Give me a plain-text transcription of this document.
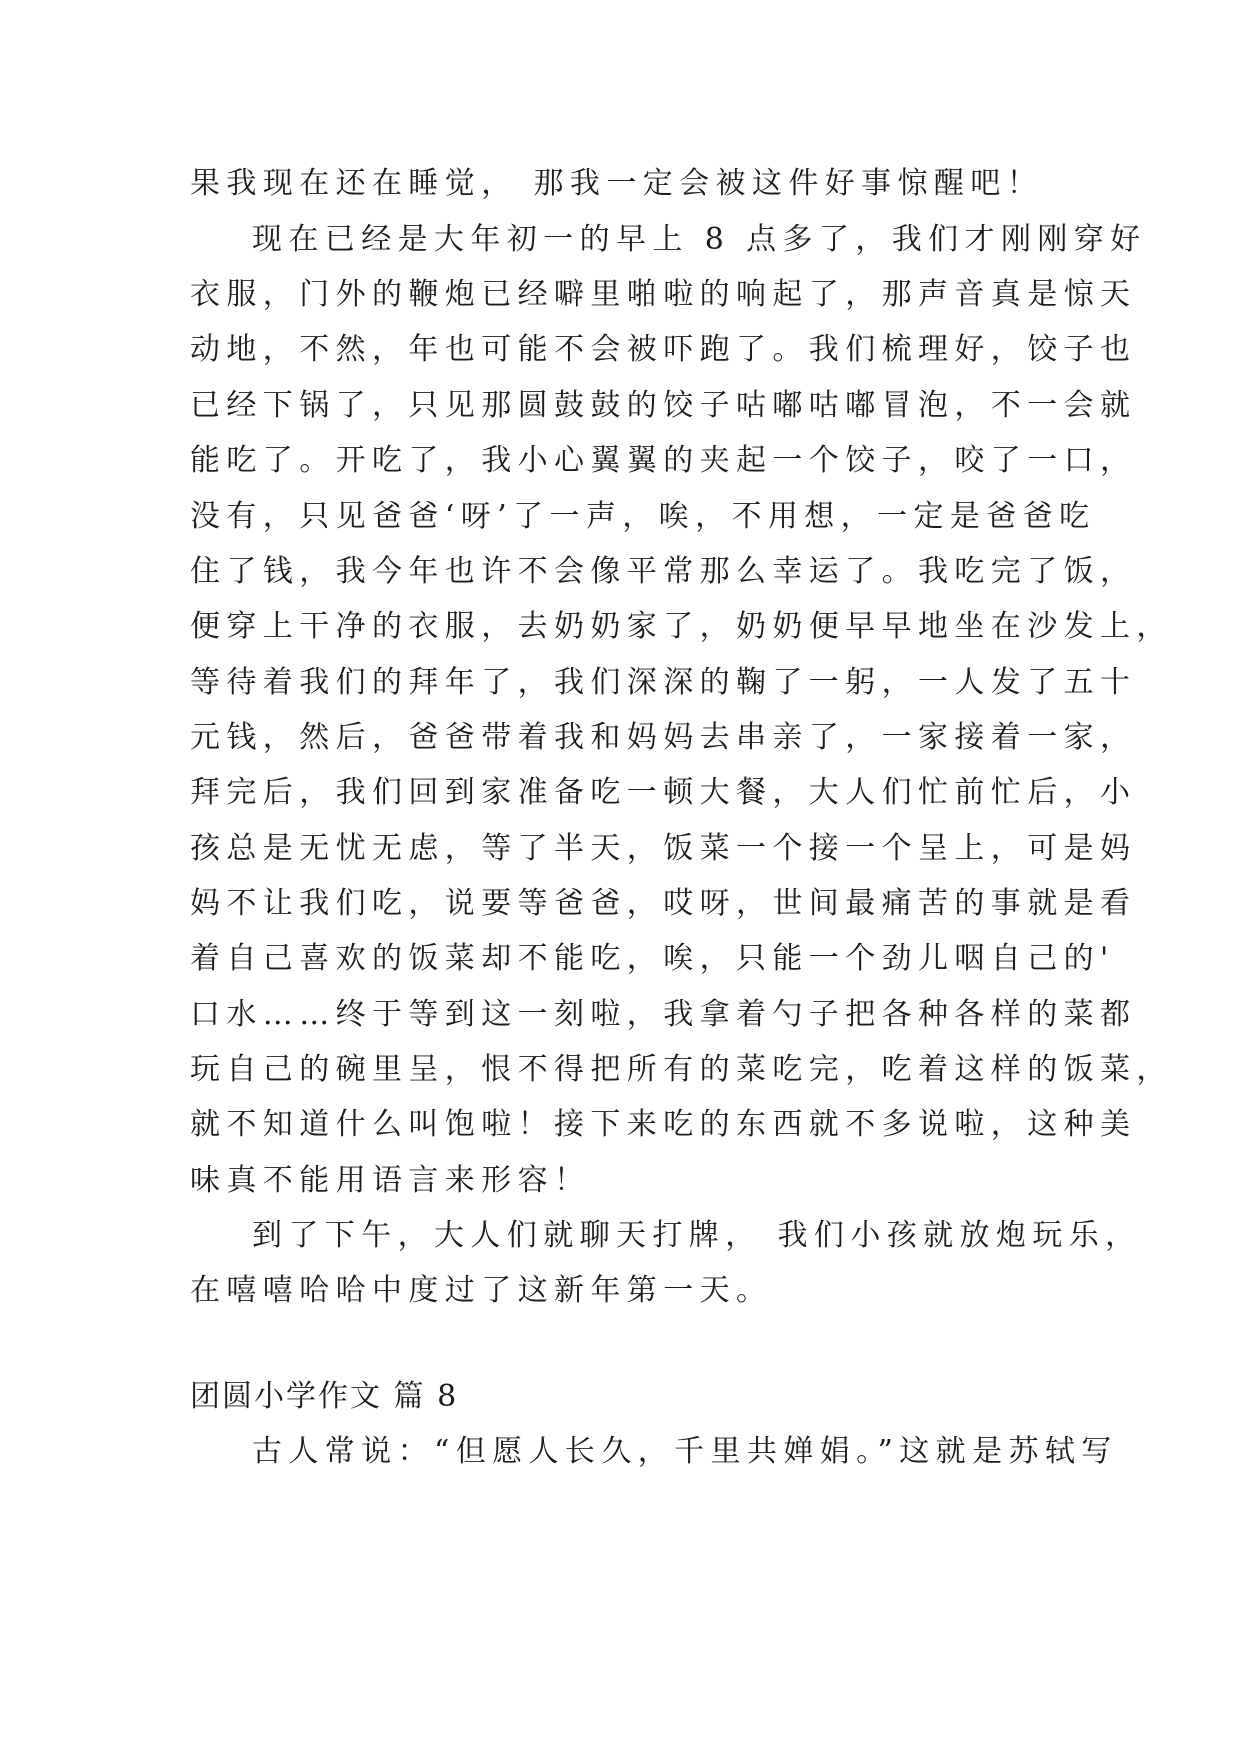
果我现在还在睡觉， 那我一定会被这件好事惊醒吧！
现在已经是大年初一的早上 8 点多了，我们才刚刚穿好
衣服，门外的鞭炮已经噼里啪啦的响起了，那声音真是惊天
动地，不然，年也可能不会被吓跑了。我们梳理好，饺子也
已经下锅了，只见那圆鼓鼓的饺子咕嘟咕嘟冒泡，不一会就
能吃了。开吃了，我小心翼翼的夹起一个饺子，咬了一口，
没有，只见爸爸‘呀’了一声，唉，不用想，一定是爸爸吃
住了钱，我今年也许不会像平常那么幸运了。我吃完了饭，
便穿上干净的衣服，去奶奶家了，奶奶便早早地坐在沙发上，
等待着我们的拜年了，我们深深的鞠了一躬，一人发了五十
元钱，然后，爸爸带着我和妈妈去串亲了，一家接着一家，
拜完后，我们回到家准备吃一顿大餐，大人们忙前忙后，小
孩总是无忧无虑，等了半天，饭菜一个接一个呈上，可是妈
妈不让我们吃，说要等爸爸，哎呀，世间最痛苦的事就是看
着自己喜欢的饭菜却不能吃，唉，只能一个劲儿咽自己的'
口水……终于等到这一刻啦，我拿着勺子把各种各样的菜都
玩自己的碗里呈，恨不得把所有的菜吃完，吃着这样的饭菜，
就不知道什么叫饱啦！接下来吃的东西就不多说啦，这种美
味真不能用语言来形容！
到了下午，大人们就聊天打牌， 我们小孩就放炮玩乐，
在嘻嘻哈哈中度过了这新年第一天。
团圆小学作文 篇 8
古人常说：“但愿人长久，千里共婵娟。”这就是苏轼写
